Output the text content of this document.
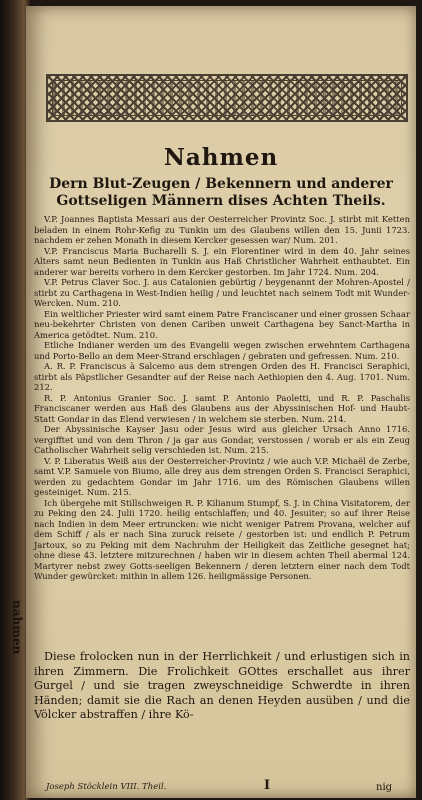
nahmen
Nahmen
Dern Blut-Zeugen / Bekennern und anderer Gottseligen Männern dises Achten Theils.

V.P. Joannes Baptista Messari aus der Oesterreicher Provintz Soc. J. stirbt mit Ketten beladen in einem Rohr-Kefig zu Tunkin um des Glaubens willen den 15. Junii 1723. nachdem er zehen Monath in diesem Kercker gesessen war/ Num. 201.

V.P. Franciscus Maria Bucharelli S. J. ein Florentiner wird in dem 40. Jahr seines Alters samt neun Bedienten in Tunkin aus Haß Christlicher Wahrheit enthaubtet. Ein anderer war bereits vorhero in dem Kercker gestorben. Im Jahr 1724. Num. 204.

V.P. Petrus Claver Soc. J. aus Catalonien gebürtig / beygenannt der Mohren-Apostel / stirbt zu Carthagena in West-Indien heilig / und leuchtet nach seinem Todt mit Wunder-Wercken. Num. 210.

Ein weltlicher Priester wird samt einem Patre Franciscaner und einer grossen Schaar neu-bekehrter Christen von denen Cariben unweit Carthagena bey Sanct-Martha in America getödtet. Num. 210.

Etliche Indianer werden um des Evangelii wegen zwischen erwehntem Carthagena und Porto-Bello an dem Meer-Strand erschlagen / gebraten und gefressen. Num. 210.

A. R. P. Franciscus à Salcemo aus dem strengen Orden des H. Francisci Seraphici, stirbt als Päpstlicher Gesandter auf der Reise nach Aethiopien den 4. Aug. 1701. Num. 212.

R. P. Antonius Granier Soc. J. samt P. Antonio Paoletti, und R. P. Paschalis Franciscaner werden aus Haß des Glaubens aus der Abyssinischen Hof- und Haubt-Statt Gondar in das Elend verwiesen / in welchem sie sterben. Num. 214.

Der Abyssinische Kayser Jasu oder Jesus wird aus gleicher Ursach Anno 1716. vergifftet und von dem Thron / ja gar aus Gondar, verstossen / worab er als ein Zeug Catholischer Wahrheit selig verschieden ist. Num. 215.

V. P. Liberatus Weiß aus der Oesterreicher-Provintz / wie auch V.P. Michaël de Zerbe, samt V.P. Samuele von Biumo, alle drey aus dem strengen Orden S. Francisci Seraphici, werden zu gedachtem Gondar im Jahr 1716. um des Römischen Glaubens willen gesteiniget. Num. 215.

Ich übergehe mit Stillschweigen R. P. Kilianum Stumpf, S. J. in China Visitatorem, der zu Peking den 24. Julii 1720. heilig entschlaffen; und 40. Jesuiter; so auf ihrer Reise nach Indien in dem Meer ertruncken: wie nicht weniger Patrem Provana, welcher auf dem Schiff / als er nach Sina zuruck reisete / gestorben ist: und endlich P. Petrum Jartoux, so zu Peking mit dem Nachruhm der Heiligkeit das Zeitliche gesegnet hat; ohne diese 43. letztere mitzurechnen / haben wir in diesem achten Theil abermal 124. Martyrer nebst zwey Gotts-seeligen Bekennern / deren letztern einer nach dem Todt Wunder gewürcket: mithin in allem 126. heiligmässige Personen.

Diese frolocken nun in der Herrlichkeit / und erlustigen sich in ihren Zimmern. Die Frolichkeit GOttes erschallet aus ihrer Gurgel / und sie tragen zweyschneidige Schwerdte in ihren Händen; damit sie die Rach an denen Heyden ausüben / und die Völcker abstraffen / ihre Kö-

Joseph Stöcklein VIII. Theil.	I	nig
